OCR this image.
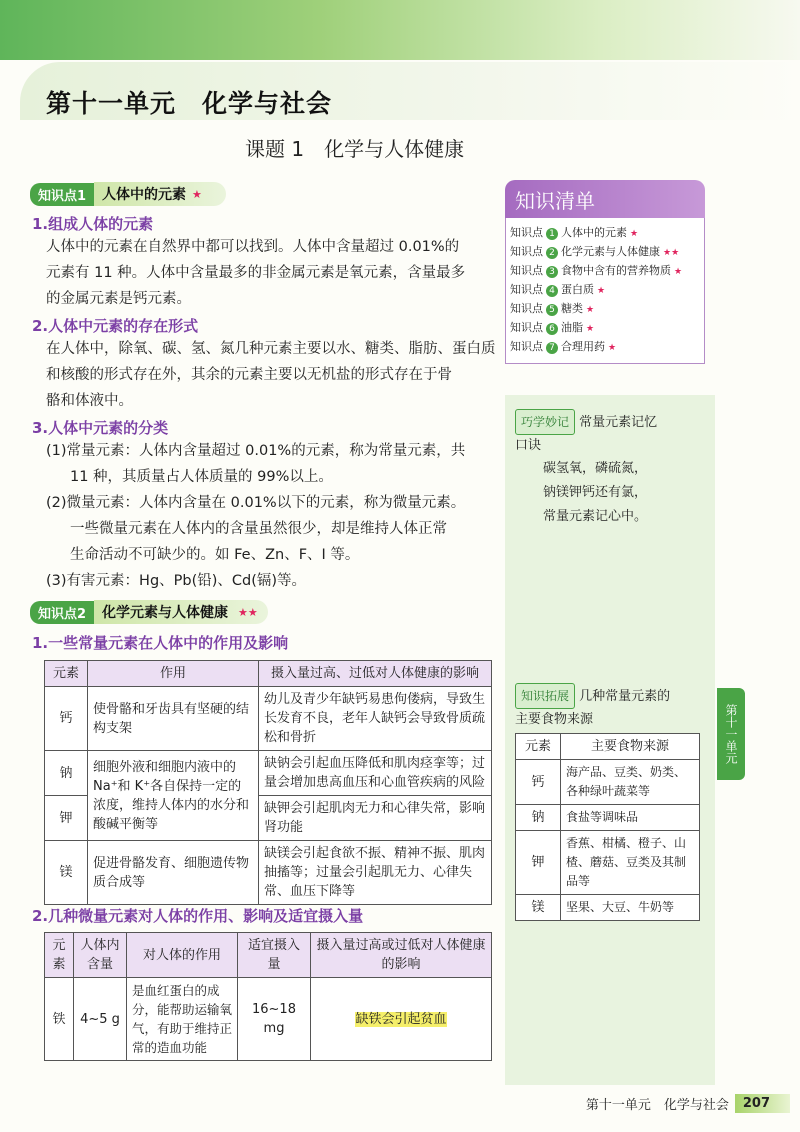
第十一单元　化学与社会
课题 1　化学与人体健康
知识点1	人体中的元素 ★
1.组成人体的元素
人体中的元素在自然界中都可以找到。人体中含量超过 0.01%的
元素有 11 种。人体中含量最多的非金属元素是氧元素，含量最多
的金属元素是钙元素。
2.人体中元素的存在形式
在人体中，除氧、碳、氢、氮几种元素主要以水、糖类、脂肪、蛋白质
和核酸的形式存在外，其余的元素主要以无机盐的形式存在于骨
骼和体液中。
3.人体中元素的分类
(1)常量元素：人体内含量超过 0.01%的元素，称为常量元素，共
11 种，其质量占人体质量的 99%以上。
(2)微量元素：人体内含量在 0.01%以下的元素，称为微量元素。
一些微量元素在人体内的含量虽然很少，却是维持人体正常
生命活动不可缺少的。如 Fe、Zn、F、I 等。
(3)有害元素：Hg、Pb(铅)、Cd(镉)等。
知识点2	化学元素与人体健康 ★★
1.一些常量元素在人体中的作用及影响
元素	作用	摄入量过高、过低对人体健康的影响
钙	使骨骼和牙齿具有坚硬的结构支架	幼儿及青少年缺钙易患佝偻病，导致生长发育不良，老年人缺钙会导致骨质疏松和骨折
钠	细胞外液和细胞内液中的 Na⁺和 K⁺各自保持一定的浓度，维持人体内的水分和酸碱平衡等	缺钠会引起血压降低和肌肉痉挛等；过量会增加患高血压和心血管疾病的风险
钾		缺钾会引起肌肉无力和心律失常，影响肾功能
镁	促进骨骼发育、细胞遗传物质合成等	缺镁会引起食欲不振、精神不振、肌肉抽搐等；过量会引起肌无力、心律失常、血压下降等
2.几种微量元素对人体的作用、影响及适宜摄入量
元素	人体内含量	对人体的作用	适宜摄入量	摄入量过高或过低对人体健康的影响
铁	4~5 g	是血红蛋白的成分，能帮助运输氧气，有助于维持正常的造血功能	16~18 mg	缺铁会引起贫血
知识清单
知识点 1 人体中的元素 ★
知识点 2 化学元素与人体健康 ★★
知识点 3 食物中含有的营养物质 ★
知识点 4 蛋白质 ★
知识点 5 糖类 ★
知识点 6 油脂 ★
知识点 7 合理用药 ★
巧学妙记 常量元素记忆
口诀
碳氢氧，磷硫氮，
钠镁钾钙还有氯，
常量元素记心中。
知识拓展 几种常量元素的
主要食物来源
元素	主要食物来源
钙	海产品、豆类、奶类、各种绿叶蔬菜等
钠	食盐等调味品
钾	香蕉、柑橘、橙子、山楂、蘑菇、豆类及其制品等
镁	坚果、大豆、牛奶等
第十一单元
第十一单元　化学与社会	207
